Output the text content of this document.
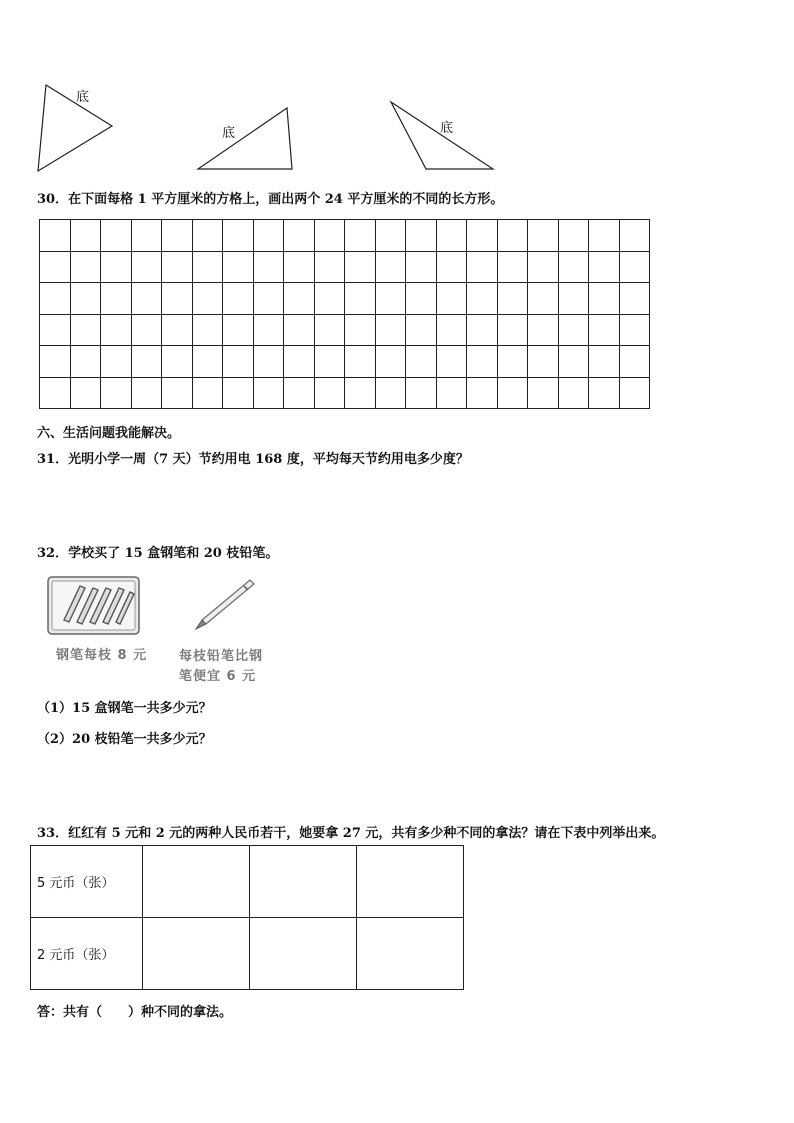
底
底	底
30．在下面每格 1 平方厘米的方格上，画出两个 24 平方厘米的不同的长方形。

六、生活问题我能解决。
31．光明小学一周（7 天）节约用电 168 度，平均每天节约用电多少度？
32．学校买了 15 盒钢笔和 20 枝铅笔。
钢笔每枝 8 元 每枝铅笔比钢
笔便宜 6 元
（1）15 盒钢笔一共多少元？
（2）20 枝铅笔一共多少元？
33．红红有 5 元和 2 元的两种人民币若干，她要拿 27 元，共有多少种不同的拿法？请在下表中列举出来。
5 元币（张）			
2 元币（张）			
答：共有（　　）种不同的拿法。
